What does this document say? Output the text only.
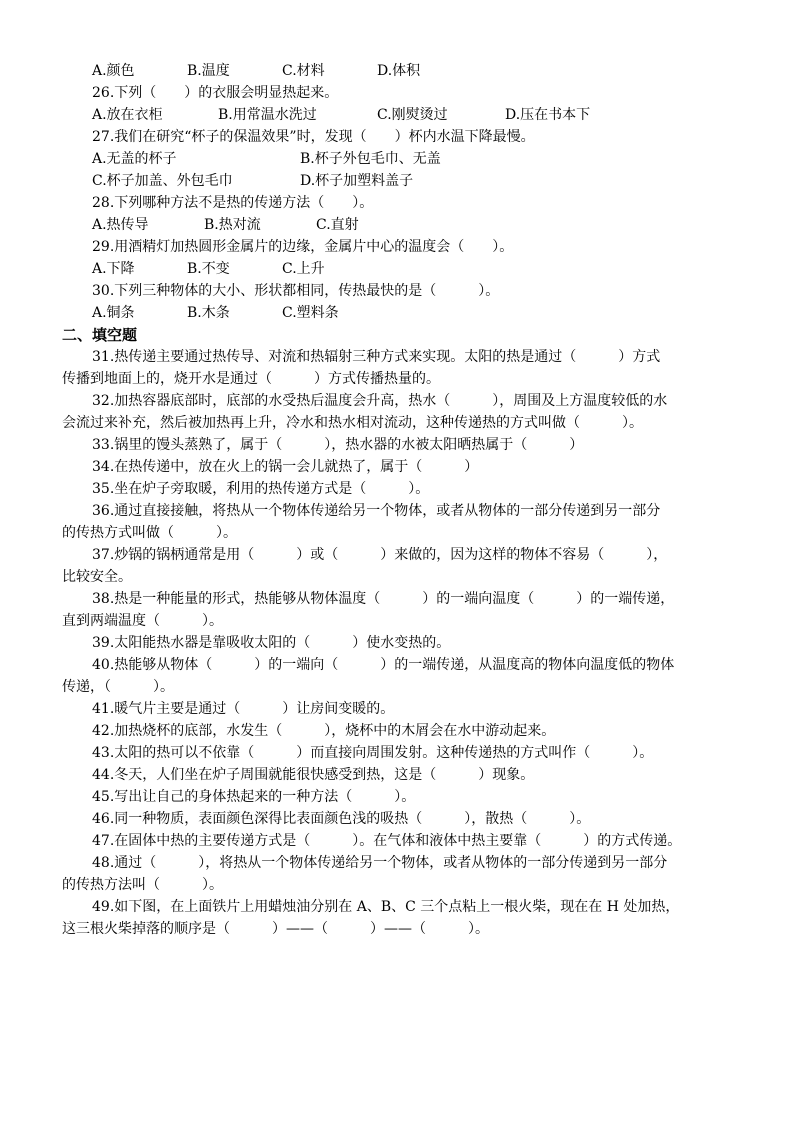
A.颜色	B.温度	C.材料	D.体积
26.下列（　　）的衣服会明显热起来。
A.放在衣柜	B.用常温水洗过	C.刚熨烫过	D.压在书本下
27.我们在研究“杯子的保温效果”时，发现（　　）杯内水温下降最慢。
A.无盖的杯子	B.杯子外包毛巾、无盖
C.杯子加盖、外包毛巾	D.杯子加塑料盖子
28.下列哪种方法不是热的传递方法（　　）。
A.热传导	B.热对流	C.直射
29.用酒精灯加热圆形金属片的边缘，金属片中心的温度会（　　）。
A.下降	B.不变	C.上升
30.下列三种物体的大小、形状都相同，传热最快的是（　　　）。
A.铜条	B.木条	C.塑料条
二、填空题
31.热传递主要通过热传导、对流和热辐射三种方式来实现。太阳的热是通过（　　　）方式
传播到地面上的，烧开水是通过（　　　）方式传播热量的。
32.加热容器底部时，底部的水受热后温度会升高，热水（　　　），周围及上方温度较低的水
会流过来补充，然后被加热再上升，冷水和热水相对流动，这种传递热的方式叫做（　　　）。
33.锅里的馒头蒸熟了，属于（　　　），热水器的水被太阳晒热属于（　　　）
34.在热传递中，放在火上的锅一会儿就热了，属于（　　　）
35.坐在炉子旁取暖，利用的热传递方式是（　　　）。
36.通过直接接触，将热从一个物体传递给另一个物体，或者从物体的一部分传递到另一部分
的传热方式叫做（　　　）。
37.炒锅的锅柄通常是用（　　　）或（　　　）来做的，因为这样的物体不容易（　　　），
比较安全。
38.热是一种能量的形式，热能够从物体温度（　　　）的一端向温度（　　　）的一端传递，
直到两端温度（　　　）。
39.太阳能热水器是靠吸收太阳的（　　　）使水变热的。
40.热能够从物体（　　　）的一端向（　　　）的一端传递，从温度高的物体向温度低的物体
传递，（　　　）。
41.暖气片主要是通过（　　　）让房间变暖的。
42.加热烧杯的底部，水发生（　　　），烧杯中的木屑会在水中游动起来。
43.太阳的热可以不依靠（　　　）而直接向周围发射。这种传递热的方式叫作（　　　）。
44.冬天，人们坐在炉子周围就能很快感受到热，这是（　　　）现象。
45.写出让自己的身体热起来的一种方法（　　　）。
46.同一种物质，表面颜色深得比表面颜色浅的吸热（　　　），散热（　　　）。
47.在固体中热的主要传递方式是（　　　）。在气体和液体中热主要靠（　　　）的方式传递。
48.通过（　　　），将热从一个物体传递给另一个物体，或者从物体的一部分传递到另一部分
的传热方法叫（　　　）。
49.如下图，在上面铁片上用蜡烛油分别在 A、B、C 三个点粘上一根火柴，现在在 H 处加热，
这三根火柴掉落的顺序是（　　　）——（　　　）——（　　　）。
